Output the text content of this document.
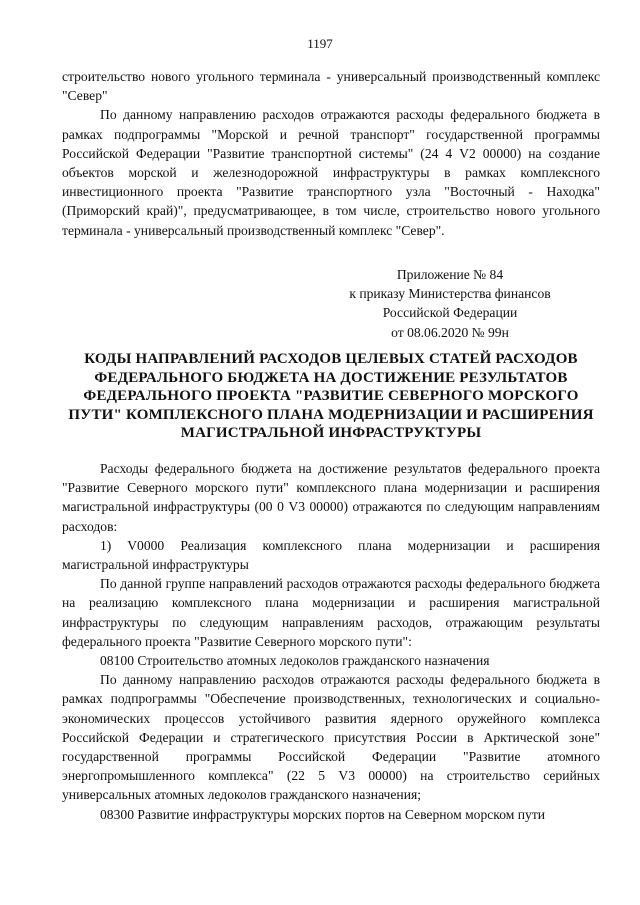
1197

строительство нового угольного терминала - универсальный производственный комплекс "Север"

По данному направлению расходов отражаются расходы федерального бюджета в рамках подпрограммы "Морской и речной транспорт" государственной программы Российской Федерации "Развитие транспортной системы" (24 4 V2 00000) на создание объектов морской и железнодорожной инфраструктуры в рамках комплексного инвестиционного проекта "Развитие транспортного узла "Восточный - Находка" (Приморский край)", предусматривающее, в том числе, строительство нового угольного терминала - универсальный производственный комплекс "Север".

Приложение № 84
к приказу Министерства финансов
Российской Федерации
от 08.06.2020 № 99н
КОДЫ НАПРАВЛЕНИЙ РАСХОДОВ ЦЕЛЕВЫХ СТАТЕЙ РАСХОДОВ ФЕДЕРАЛЬНОГО БЮДЖЕТА НА ДОСТИЖЕНИЕ РЕЗУЛЬТАТОВ ФЕДЕРАЛЬНОГО ПРОЕКТА "РАЗВИТИЕ СЕВЕРНОГО МОРСКОГО ПУТИ" КОМПЛЕКСНОГО ПЛАНА МОДЕРНИЗАЦИИ И РАСШИРЕНИЯ МАГИСТРАЛЬНОЙ ИНФРАСТРУКТУРЫ

Расходы федерального бюджета на достижение результатов федерального проекта "Развитие Северного морского пути" комплексного плана модернизации и расширения магистральной инфраструктуры (00 0 V3 00000) отражаются по следующим направлениям расходов:

1) V0000 Реализация комплексного плана модернизации и расширения магистральной инфраструктуры

По данной группе направлений расходов отражаются расходы федерального бюджета на реализацию комплексного плана модернизации и расширения магистральной инфраструктуры по следующим направлениям расходов, отражающим результаты федерального проекта "Развитие Северного морского пути":

08100 Строительство атомных ледоколов гражданского назначения

По данному направлению расходов отражаются расходы федерального бюджета в рамках подпрограммы "Обеспечение производственных, технологических и социально-экономических процессов устойчивого развития ядерного оружейного комплекса Российской Федерации и стратегического присутствия России в Арктической зоне" государственной программы Российской Федерации "Развитие атомного энергопромышленного комплекса" (22 5 V3 00000) на строительство серийных универсальных атомных ледоколов гражданского назначения;

08300 Развитие инфраструктуры морских портов на Северном морском пути
